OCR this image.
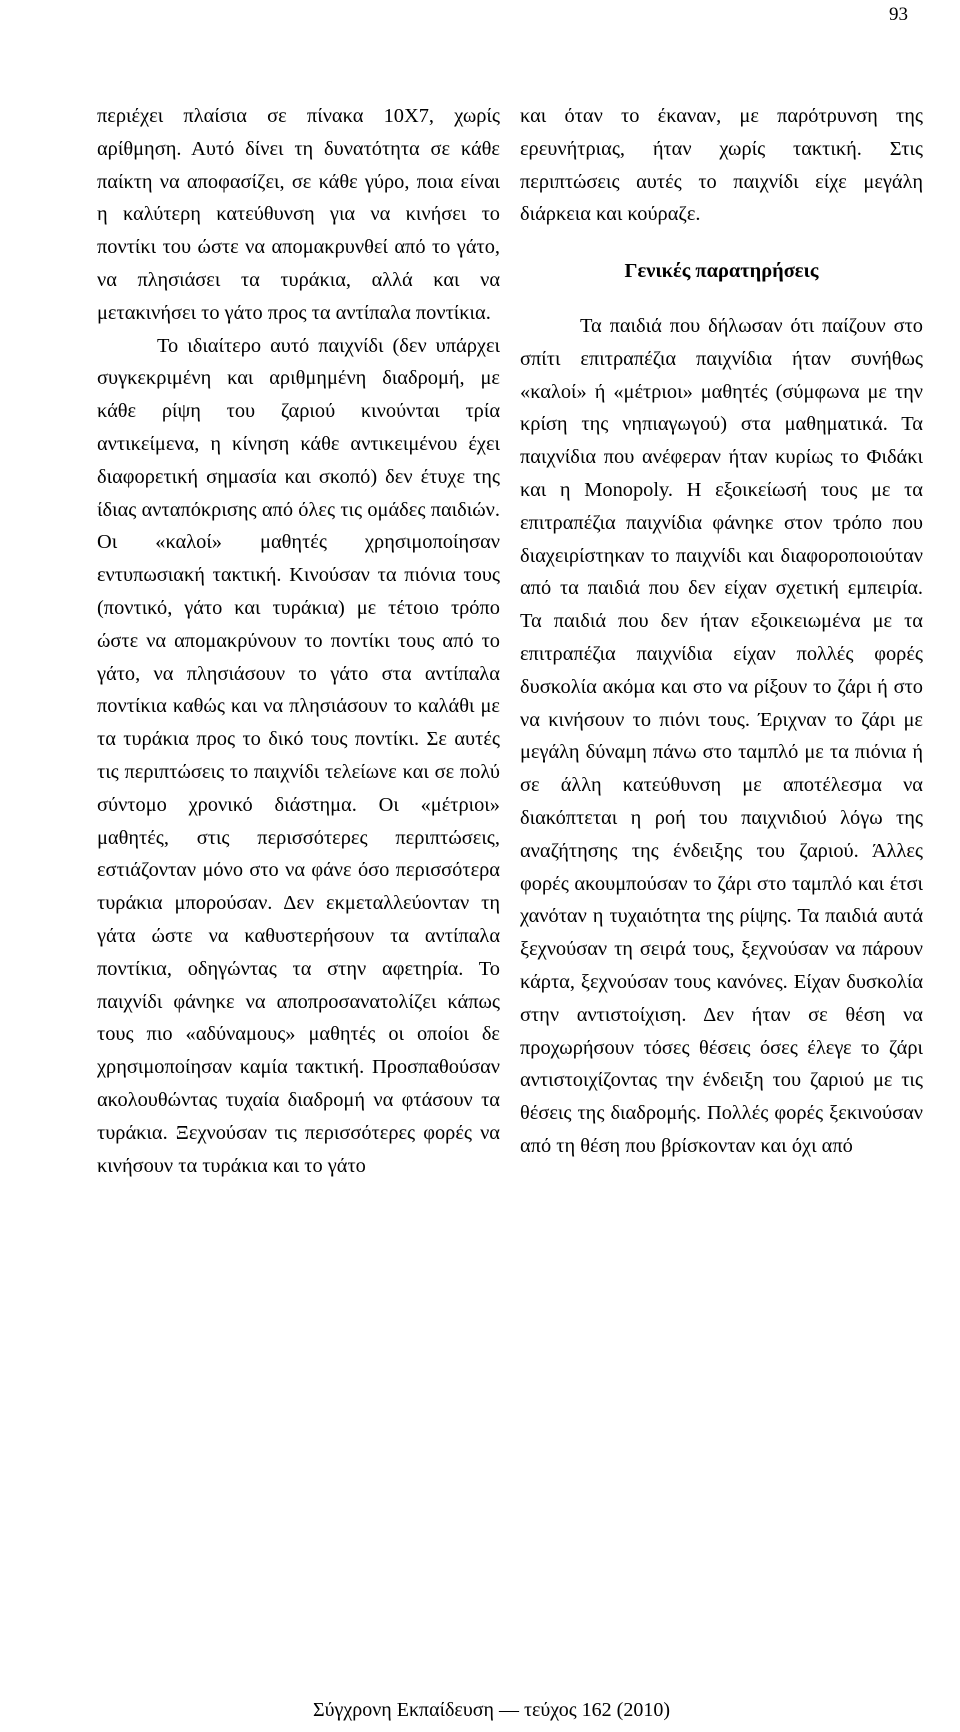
93

περιέχει πλαίσια σε πίνακα 10Χ7, χωρίς αρίθμηση. Αυτό δίνει τη δυνατότητα σε κάθε παίκτη να αποφασίζει, σε κάθε γύρο, ποια είναι η καλύτερη κατεύθυνση για να κινήσει το ποντίκι του ώστε να απομακρυνθεί από το γάτο, να πλησιάσει τα τυράκια, αλλά και να μετακινήσει το γάτο προς τα αντίπαλα ποντίκια.

Το ιδιαίτερο αυτό παιχνίδι (δεν υπάρχει συγκεκριμένη και αριθμημένη διαδρομή, με κάθε ρίψη του ζαριού κινούνται τρία αντικείμενα, η κίνηση κάθε αντικειμένου έχει διαφορετική σημασία και σκοπό) δεν έτυχε της ίδιας ανταπόκρισης από όλες τις ομάδες παιδιών. Οι «καλοί» μαθητές χρησιμοποίησαν εντυπωσιακή τακτική. Κινούσαν τα πιόνια τους (ποντικό, γάτο και τυράκια) με τέτοιο τρόπο ώστε να απομακρύνουν το ποντίκι τους από το γάτο, να πλησιάσουν το γάτο στα αντίπαλα ποντίκια καθώς και να πλησιάσουν το καλάθι με τα τυράκια προς το δικό τους ποντίκι. Σε αυτές τις περιπτώσεις το παιχνίδι τελείωνε και σε πολύ σύντομο χρονικό διάστημα. Οι «μέτριοι» μαθητές, στις περισσότερες περιπτώσεις, εστιάζονταν μόνο στο να φάνε όσο περισσότερα τυράκια μπορούσαν. Δεν εκμεταλλεύονταν τη γάτα ώστε να καθυστερήσουν τα αντίπαλα ποντίκια, οδηγώντας τα στην αφετηρία. Το παιχνίδι φάνηκε να αποπροσανατολίζει κάπως τους πιο «αδύναμους» μαθητές οι οποίοι δε χρησιμοποίησαν καμία τακτική. Προσπαθούσαν ακολουθώντας τυχαία διαδρομή να φτάσουν τα τυράκια. Ξεχνούσαν τις περισσότερες φορές να κινήσουν τα τυράκια και το γάτο

και όταν το έκαναν, με παρότρυνση της ερευνήτριας, ήταν χωρίς τακτική. Στις περιπτώσεις αυτές το παιχνίδι είχε μεγάλη διάρκεια και κούραζε.

Γενικές παρατηρήσεις

Τα παιδιά που δήλωσαν ότι παίζουν στο σπίτι επιτραπέζια παιχνίδια ήταν συνήθως «καλοί» ή «μέτριοι» μαθητές (σύμφωνα με την κρίση της νηπιαγωγού) στα μαθηματικά. Τα παιχνίδια που ανέφεραν ήταν κυρίως το Φιδάκι και η Monopoly. Η εξοικείωσή τους με τα επιτραπέζια παιχνίδια φάνηκε στον τρόπο που διαχειρίστηκαν το παιχνίδι και διαφοροποιούταν από τα παιδιά που δεν είχαν σχετική εμπειρία. Τα παιδιά που δεν ήταν εξοικειωμένα με τα επιτραπέζια παιχνίδια είχαν πολλές φορές δυσκολία ακόμα και στο να ρίξουν το ζάρι ή στο να κινήσουν το πιόνι τους. Έριχναν το ζάρι με μεγάλη δύναμη πάνω στο ταμπλό με τα πιόνια ή σε άλλη κατεύθυνση με αποτέλεσμα να διακόπτεται η ροή του παιχνιδιού λόγω της αναζήτησης της ένδειξης του ζαριού. Άλλες φορές ακουμπούσαν το ζάρι στο ταμπλό και έτσι χανόταν η τυχαιότητα της ρίψης. Τα παιδιά αυτά ξεχνούσαν τη σειρά τους, ξεχνούσαν να πάρουν κάρτα, ξεχνούσαν τους κανόνες. Είχαν δυσκολία στην αντιστοίχιση. Δεν ήταν σε θέση να προχωρήσουν τόσες θέσεις όσες έλεγε το ζάρι αντιστοιχίζοντας την ένδειξη του ζαριού με τις θέσεις της διαδρομής. Πολλές φορές ξεκινούσαν από τη θέση που βρίσκονταν και όχι από

Σύγχρονη Εκπαίδευση — τεύχος 162 (2010)
